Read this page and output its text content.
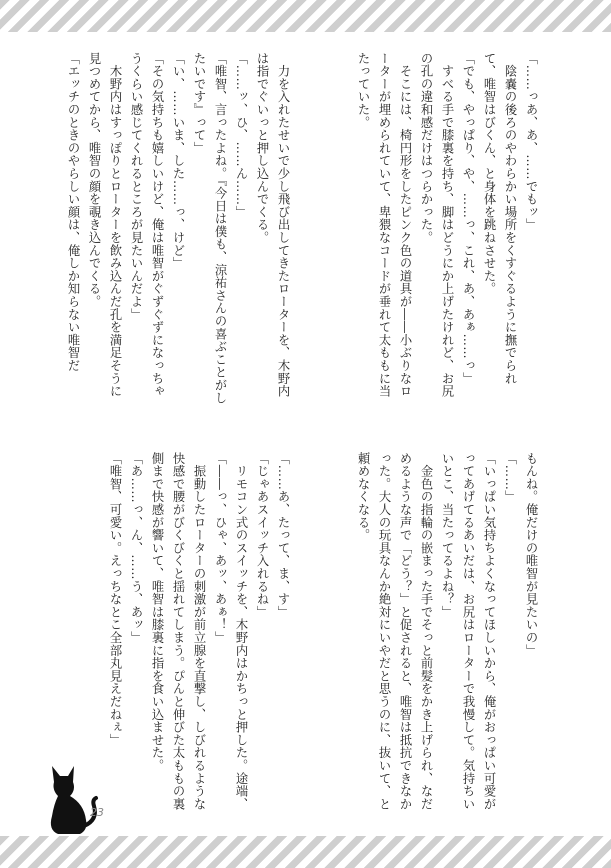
「……っあ、あ、……でもッ」
　陰嚢の後ろのやわらかい場所をくすぐるように撫でられて、唯智はびくん、と身体を跳ねさせた。
「でも、やっぱり、や、……っ、これ、あ、あぁ……っ」
　すべる手で膝裏を持ち、脚はどうにか上げたけれど、お尻の孔の違和感だけはつらかった。
　そこには、椅円形をしたピンク色の道具が――小ぶりなローターが埋められていて、卑猥なコードが垂れて太ももに当たっていた。
　力を入れたせいで少し飛び出してきたローターを、木野内は指でぐいっと押し込んでくる。
「……ッ、ひ、……ん……」
「唯智、言ったよね。『今日は僕も、涼祐さんの喜ぶことがしたいです』って」
「い、……いま、した……っ、けど」
「その気持ちも嬉しいけど、俺は唯智がぐずぐずになっちゃうくらい感じてくれるところが見たいんだよ」
　木野内はすっぽりとローターを飲み込んだ孔を満足そうに見つめてから、唯智の顔を覗き込んでくる。
「エッチのときのやらしい顔は、俺しか知らない唯智だ
もんね。俺だけの唯智が見たいの」
「……」
「いっぱい気持ちよくなってほしいから、俺がおっぱい可愛がってあげてるあいだは、お尻はローターで我慢して。気持ちいいとこ、当たってるよね？」
　金色の指輪の嵌まった手でそっと前髪をかき上げられ、なだめるような声で「どう？」と促されると、唯智は抵抗できなかった。大人の玩具なんか絶対にいやだと思うのに、抜いて、と頼めなくなる。
「……あ、たって、ま、す」
「じゃあスイッチ入れるね」
　リモコン式のスイッチを、木野内はかちっと押した。途端、
「――っ、ひゃ、あッ、あぁ！」
　振動したローターの刺激が前立腺を直撃し、しびれるような快感で腰がびくびくと揺れてしまう。ぴんと伸びた太ももの裏側まで快感が響いて、唯智は膝裏に指を食い込ませた。
「あ……っ、ん、……う、あッ」
「唯智、可愛い。えっちなとこ全部丸見えだねぇ」
23
